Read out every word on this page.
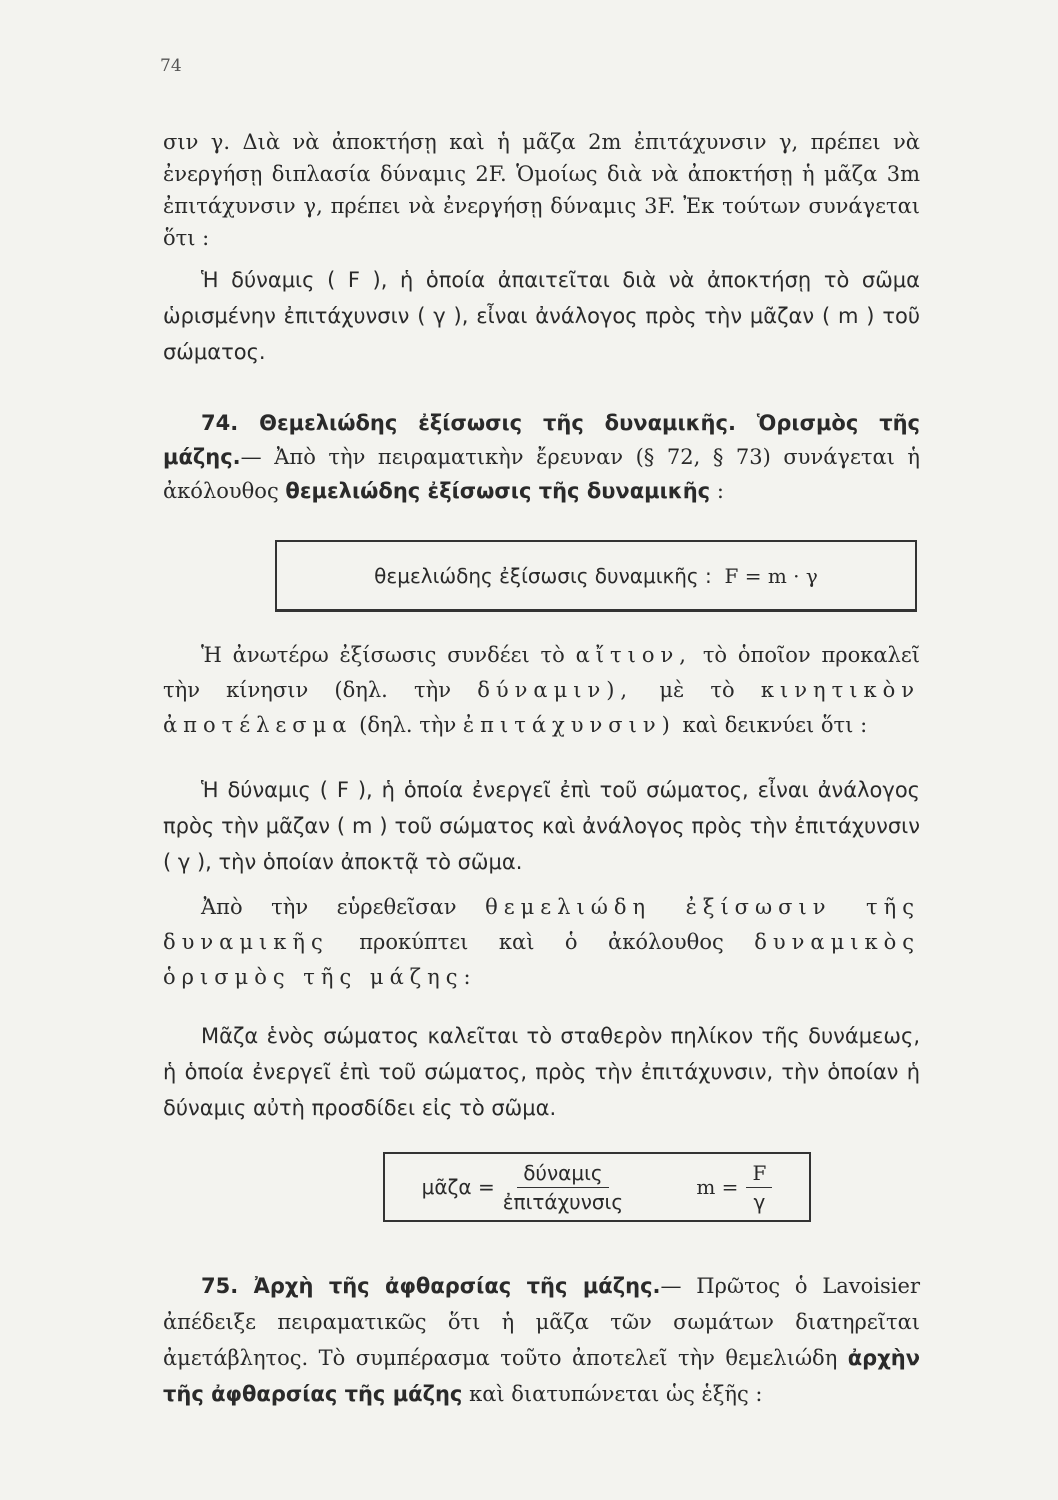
74

σιν γ. Διὰ νὰ ἀποκτήσῃ καὶ ἡ μᾶζα 2m ἐπιτάχυνσιν γ, πρέπει νὰ ἐνεργήσῃ διπλασία δύναμις 2F. Ὁμοίως διὰ νὰ ἀποκτήσῃ ἡ μᾶζα 3m ἐπιτάχυνσιν γ, πρέπει νὰ ἐνεργήσῃ δύναμις 3F. Ἐκ τούτων συνάγεται ὅτι :

Ἡ δύναμις ( F ), ἡ ὁποία ἀπαιτεῖται διὰ νὰ ἀποκτήσῃ τὸ σῶμα ὡρισμένην ἐπιτάχυνσιν ( γ ), εἶναι ἀνάλογος πρὸς τὴν μᾶζαν ( m ) τοῦ σώματος.

74. Θεμελιώδης ἐξίσωσις τῆς δυναμικῆς. Ὁρισμὸς τῆς μάζης.— Ἀπὸ τὴν πειραματικὴν ἔρευναν (§ 72, § 73) συνάγεται ἡ ἀκόλουθος θεμελιώδης ἐξίσωσις τῆς δυναμικῆς :

θεμελιώδης ἐξίσωσις δυναμικῆς :
F = m · γ

Ἡ ἀνωτέρω ἐξίσωσις συνδέει τὸ αἴτιον, τὸ ὁποῖον προκαλεῖ τὴν κίνησιν (δηλ. τὴν δύναμιν), μὲ τὸ κινητικὸν ἀποτέλεσμα (δηλ. τὴν ἐπιτάχυνσιν) καὶ δεικνύει ὅτι :

Ἡ δύναμις ( F ), ἡ ὁποία ἐνεργεῖ ἐπὶ τοῦ σώματος, εἶναι ἀνάλογος πρὸς τὴν μᾶζαν ( m ) τοῦ σώματος καὶ ἀνάλογος πρὸς τὴν ἐπιτάχυνσιν ( γ ), τὴν ὁποίαν ἀποκτᾷ τὸ σῶμα.

Ἀπὸ τὴν εὑρεθεῖσαν θεμελιώδη ἐξίσωσιν τῆς δυναμικῆς προκύπτει καὶ ὁ ἀκόλουθος δυναμικὸς ὁρισμὸς τῆς μάζης:

Μᾶζα ἑνὸς σώματος καλεῖται τὸ σταθερὸν πηλίκον τῆς δυνάμεως, ἡ ὁποία ἐνεργεῖ ἐπὶ τοῦ σώματος, πρὸς τὴν ἐπιτάχυνσιν, τὴν ὁποίαν ἡ δύναμις αὐτὴ προσδίδει εἰς τὸ σῶμα.

μᾶζα = $\frac{\text{δύναμις}}{\text{ἐπιτάχυνσις}}$	$m = \frac{F}{\gamma}$

75. Ἀρχὴ τῆς ἀφθαρσίας τῆς μάζης.— Πρῶτος ὁ Lavoisier ἀπέδειξε πειραματικῶς ὅτι ἡ μᾶζα τῶν σωμάτων διατηρεῖται ἀμετάβλητος. Τὸ συμπέρασμα τοῦτο ἀποτελεῖ τὴν θεμελιώδη ἀρχὴν τῆς ἀφθαρσίας τῆς μάζης καὶ διατυπώνεται ὡς ἑξῆς :
